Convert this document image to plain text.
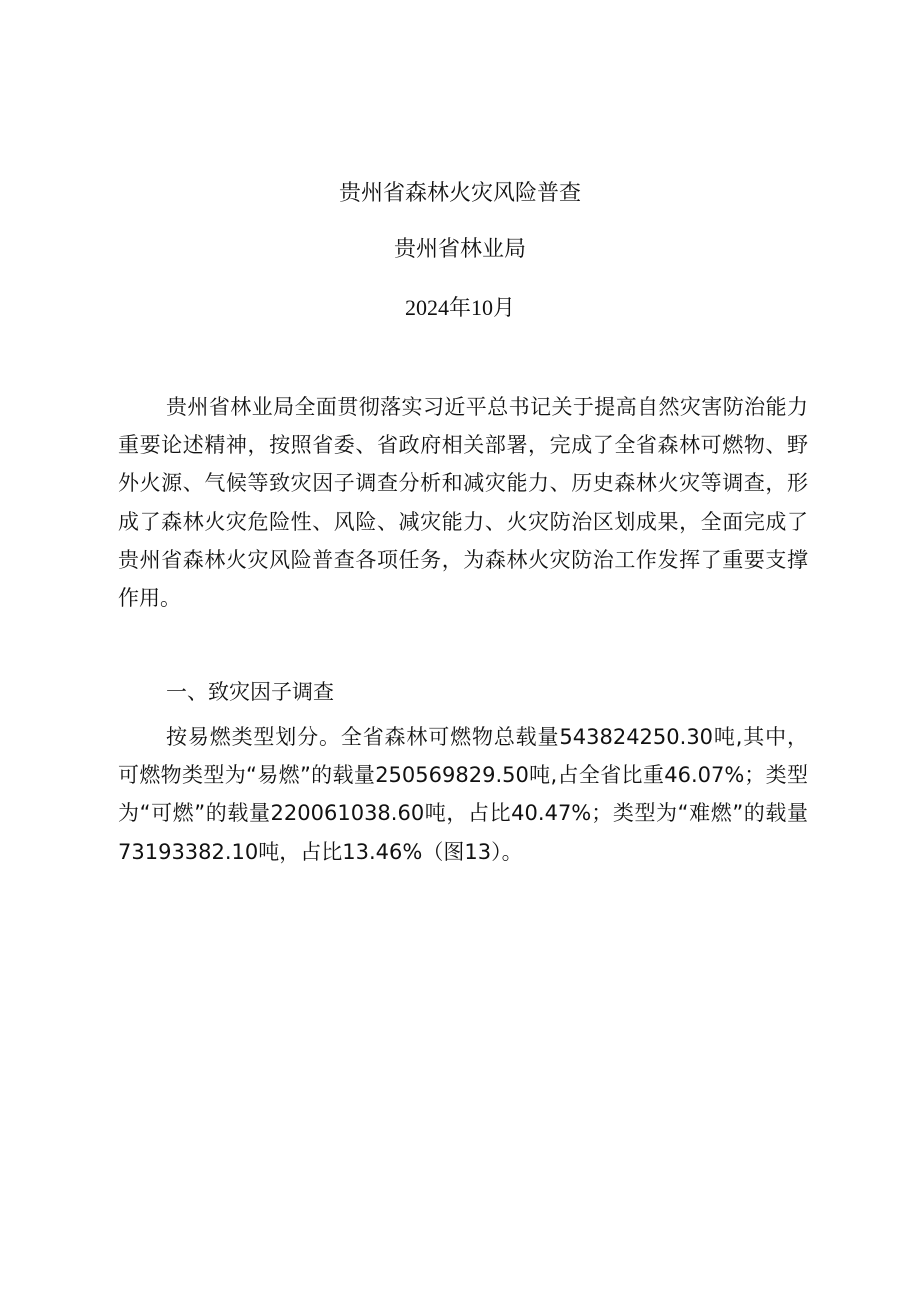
贵州省森林火灾风险普查
贵州省林业局
2024年10月

贵州省林业局全面贯彻落实习近平总书记关于提高自然灾害防治能力重要论述精神，按照省委、省政府相关部署，完成了全省森林可燃物、野外火源、气候等致灾因子调查分析和减灾能力、历史森林火灾等调查，形成了森林火灾危险性、风险、减灾能力、火灾防治区划成果，全面完成了贵州省森林火灾风险普查各项任务，为森林火灾防治工作发挥了重要支撑作用。

一、致灾因子调查

按易燃类型划分。全省森林可燃物总载量543824250.30吨,其中，可燃物类型为“易燃”的载量250569829.50吨,占全省比重46.07%；类型为“可燃”的载量220061038.60吨，占比40.47%；类型为“难燃”的载量73193382.10吨，占比13.46%（图13）。
